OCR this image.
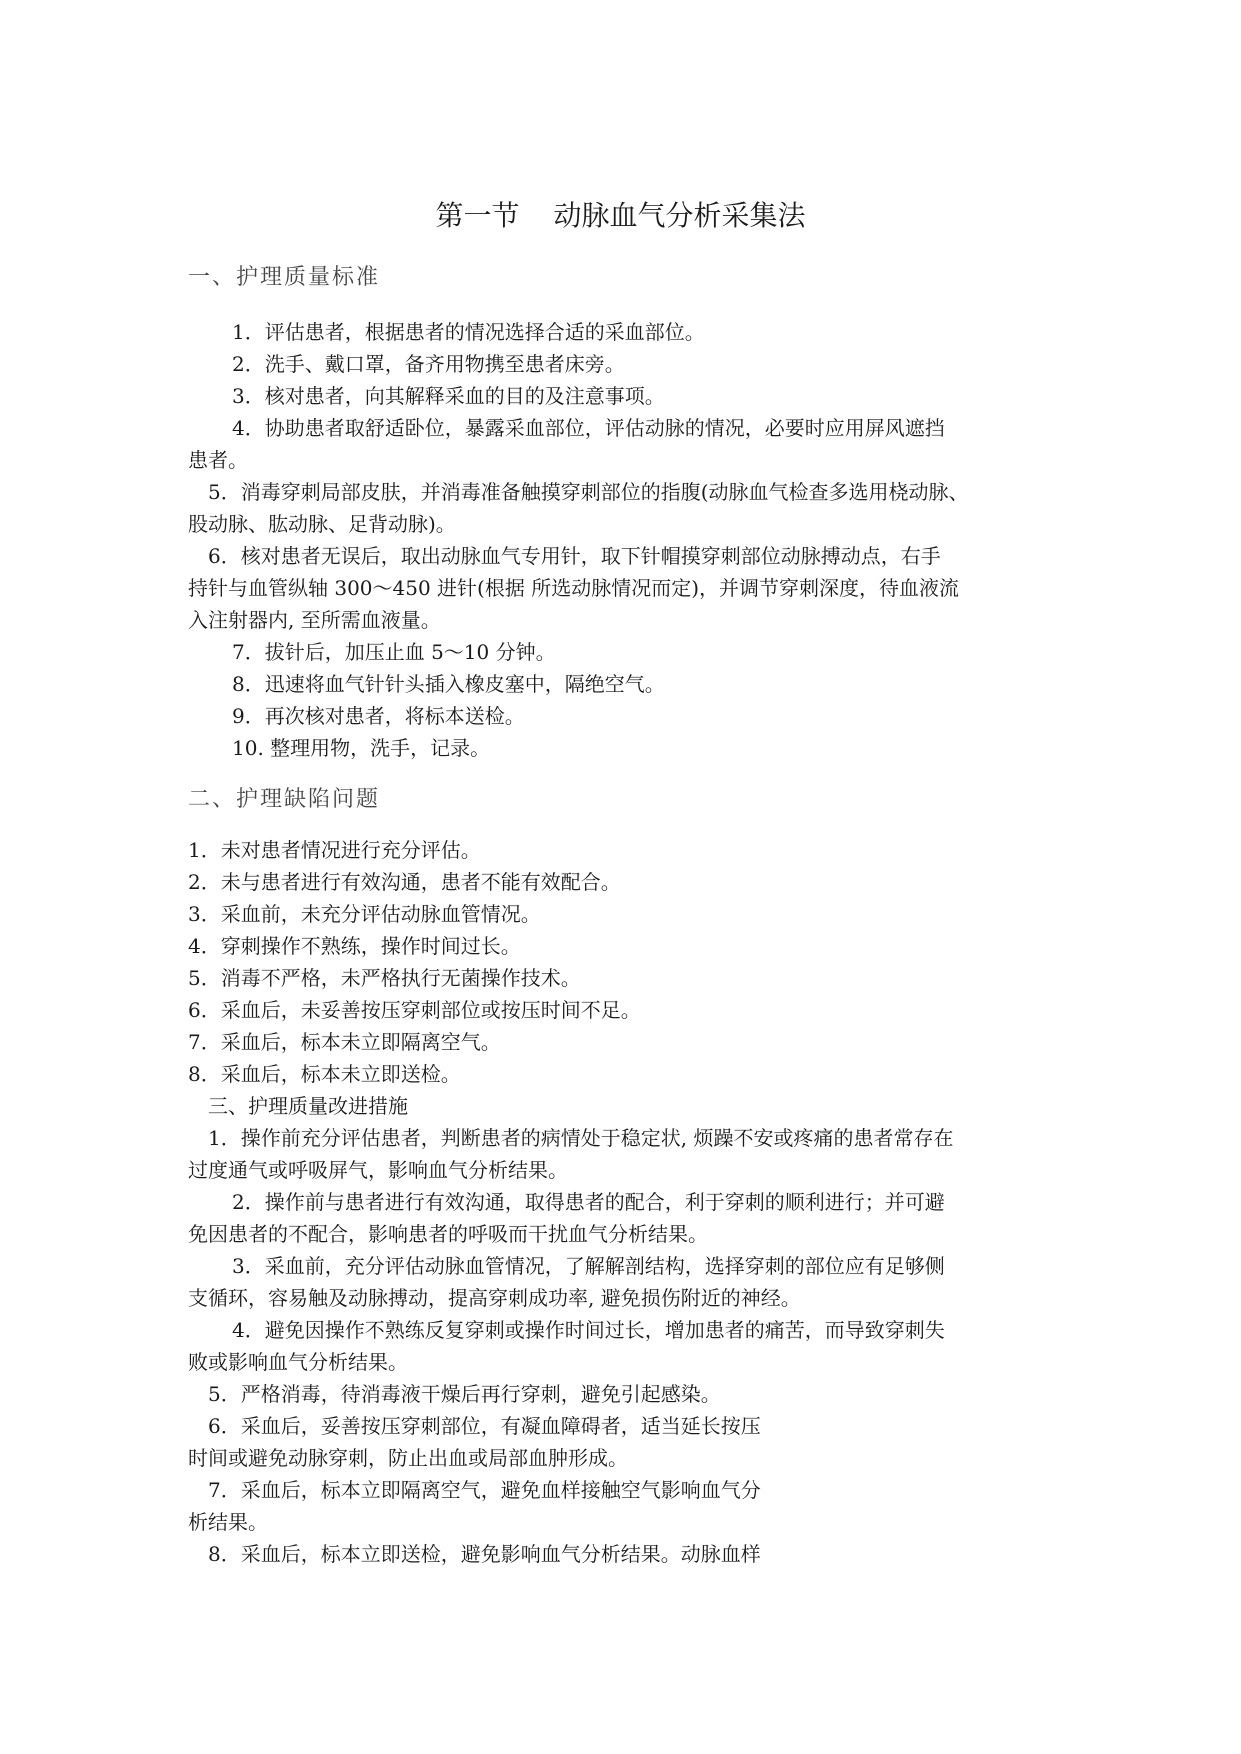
第一节 动脉血气分析采集法
一、护理质量标准
1．评估患者，根据患者的情况选择合适的采血部位。
2．洗手、戴口罩，备齐用物携至患者床旁。
3．核对患者，向其解释采血的目的及注意事项。
4．协助患者取舒适卧位，暴露采血部位，评估动脉的情况，必要时应用屏风遮挡
患者。
5．消毒穿刺局部皮肤，并消毒准备触摸穿刺部位的指腹(动脉血气检查多选用桡动脉、
股动脉、肱动脉、足背动脉)。
6．核对患者无误后，取出动脉血气专用针，取下针帽摸穿刺部位动脉搏动点，右手
持针与血管纵轴 300～450 进针(根据 所选动脉情况而定)，并调节穿刺深度，待血液流
入注射器内, 至所需血液量。
7．拔针后，加压止血 5～10 分钟。
8．迅速将血气针针头插入橡皮塞中，隔绝空气。
9．再次核对患者，将标本送检。
10. 整理用物，洗手，记录。
二、护理缺陷问题
1．未对患者情况进行充分评估。
2．未与患者进行有效沟通，患者不能有效配合。
3．采血前，未充分评估动脉血管情况。
4．穿刺操作不熟练，操作时间过长。
5．消毒不严格，未严格执行无菌操作技术。
6．采血后，未妥善按压穿刺部位或按压时间不足。
7．采血后，标本未立即隔离空气。
8．采血后，标本未立即送检。
三、护理质量改进措施
1．操作前充分评估患者，判断患者的病情处于稳定状, 烦躁不安或疼痛的患者常存在
过度通气或呼吸屏气，影响血气分析结果。
2．操作前与患者进行有效沟通，取得患者的配合，利于穿刺的顺利进行；并可避
免因患者的不配合，影响患者的呼吸而干扰血气分析结果。
3．采血前，充分评估动脉血管情况，了解解剖结构，选择穿刺的部位应有足够侧
支循环，容易触及动脉搏动，提高穿刺成功率, 避免损伤附近的神经。
4．避免因操作不熟练反复穿刺或操作时间过长，增加患者的痛苦，而导致穿刺失
败或影响血气分析结果。
5．严格消毒，待消毒液干燥后再行穿刺，避免引起感染。
6．采血后，妥善按压穿刺部位，有凝血障碍者，适当延长按压
时间或避免动脉穿刺，防止出血或局部血肿形成。
7．采血后，标本立即隔离空气，避免血样接触空气影响血气分
析结果。
8．采血后，标本立即送检，避免影响血气分析结果。动脉血样
